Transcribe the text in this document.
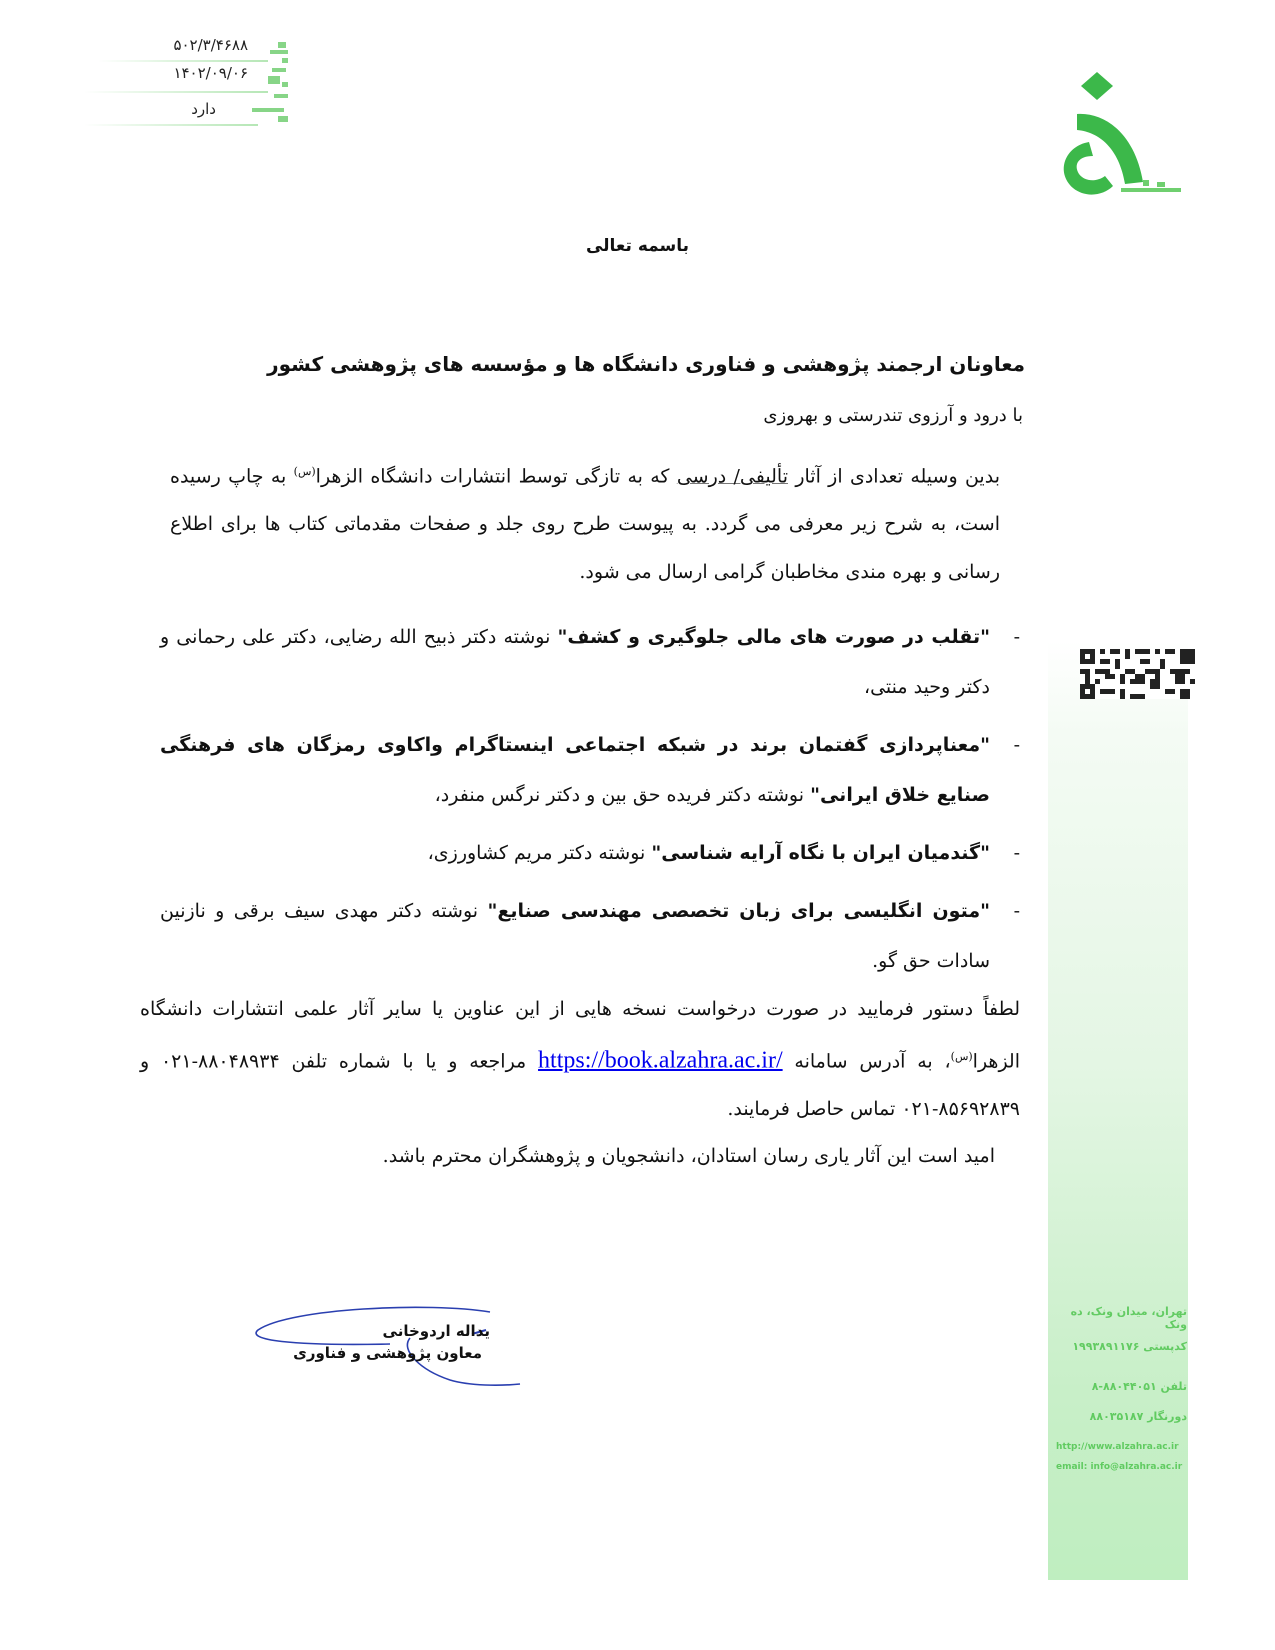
۵۰۲/۳/۴۶۸۸
۱۴۰۲/۰۹/۰۶
دارد
باسمه تعالی
معاونان ارجمند پژوهشی و فناوری دانشگاه ها و مؤسسه های پژوهشی کشور
با درود و آرزوی تندرستی و بهروزی
بدین وسیله تعدادی از آثار تألیفی/ درسی که به تازگی توسط انتشارات دانشگاه الزهرا$^{(س)}$ به چاپ رسیده است، به شرح زیر معرفی می گردد. به پیوست طرح روی جلد و صفحات مقدماتی کتاب ها برای اطلاع رسانی و بهره مندی مخاطبان گرامی ارسال می شود.
-
"تقلب در صورت های مالی جلوگیری و کشف" نوشته دکتر ذبیح الله رضایی، دکتر علی رحمانی و دکتر وحید منتی،
-
"معناپردازی گفتمان برند در شبکه اجتماعی اینستاگرام واکاوی رمزگان های فرهنگی صنایع خلاق ایرانی" نوشته دکتر فریده حق بین و دکتر نرگس منفرد،
-
"گندمیان ایران با نگاه آرایه شناسی" نوشته دکتر مریم کشاورزی،
-
"متون انگلیسی برای زبان تخصصی مهندسی صنایع" نوشته دکتر مهدی سیف برقی و نازنین سادات حق گو.
لطفاً دستور فرمایید در صورت درخواست نسخه هایی از این عناوین یا سایر آثار علمی انتشارات دانشگاه الزهرا$^{(س)}$، به آدرس سامانه https://book.alzahra.ac.ir/ مراجعه و یا با شماره تلفن ۸۸۰۴۸۹۳۴-۰۲۱ و ۸۵۶۹۲۸۳۹-۰۲۱ تماس حاصل فرمایند.
امید است این آثار یاری رسان استادان، دانشجویان و پژوهشگران محترم باشد.
یداله اردوخانی
معاون پژوهشی و فناوری
تهران، میدان ونک، ده ونک
کدپستی ۱۹۹۳۸۹۱۱۷۶
تلفن ۸۸۰۴۴۰۵۱-۸
دورنگار ۸۸۰۳۵۱۸۷
http://www.alzahra.ac.ir
email: info@alzahra.ac.ir
